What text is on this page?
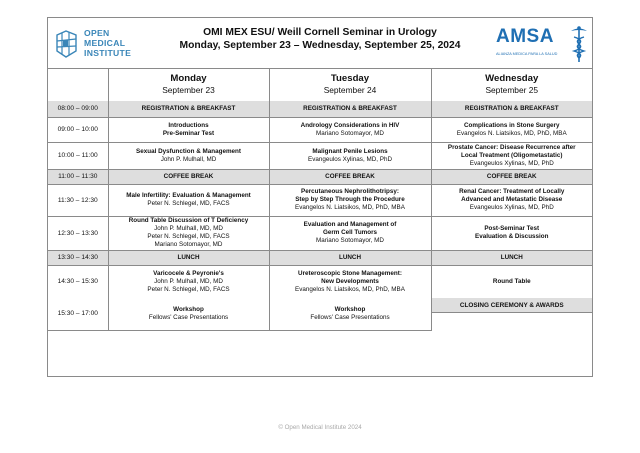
OPEN
MEDICAL
INSTITUTE
OMI MEX ESU/ Weill Cornell Seminar in Urology
Monday, September 23 – Wednesday, September 25, 2024	AMSA
ALIANZA MEDICA PARA LA SALUD

	Monday
September 23	Tuesday
September 24	Wednesday
September 25

08:00 – 09:00	REGISTRATION & BREAKFAST	REGISTRATION & BREAKFAST	REGISTRATION & BREAKFAST

09:00 – 10:00	Introductions
Pre-Seminar Test	Andrology Considerations in HIV
Mariano Sotomayor, MD	Complications in Stone Surgery
Evangelos N. Liatsikos, MD, PhD, MBA

10:00 – 11:00	Sexual Dysfunction & Management
John P. Mulhall, MD	Malignant Penile Lesions
Evangeulos Xylinas, MD, PhD	Prostate Cancer: Disease Recurrence after
Local Treatment (Oligometastatic)
Evangeulos Xylinas, MD, PhD

11:00 – 11:30	COFFEE BREAK	COFFEE BREAK	COFFEE BREAK

11:30 – 12:30	Male Infertility: Evaluation & Management
Peter N. Schlegel, MD, FACS	Percutaneous Nephrolithotripsy:
Step by Step Through the Procedure
Evangelos N. Liatsikos, MD, PhD, MBA	Renal Cancer: Treatment of Locally
Advanced and Metastatic Disease
Evangeulos Xylinas, MD, PhD

12:30 – 13:30	Round Table Discussion of T Deficiency
John P. Mulhall, MD, MD
Peter N. Schlegel, MD, FACS
Mariano Sotomayor, MD	Evaluation and Management of
Germ Cell Tumors
Mariano Sotomayor, MD	Post-Seminar Test
Evaluation & Discussion

13:30 – 14:30	LUNCH	LUNCH	LUNCH

14:30 – 15:30	Varicocele & Peyronie's
John P. Mulhall, MD, MD
Peter N. Schlegel, MD, FACS	Ureteroscopic Stone Management:
New Developments
Evangelos N. Liatsikos, MD, PhD, MBA	Round Table

15:30 – 17:00	Workshop
Fellows' Case Presentations	Workshop
Fellows' Case Presentations	CLOSING CEREMONY & AWARDS

© Open Medical Institute 2024
